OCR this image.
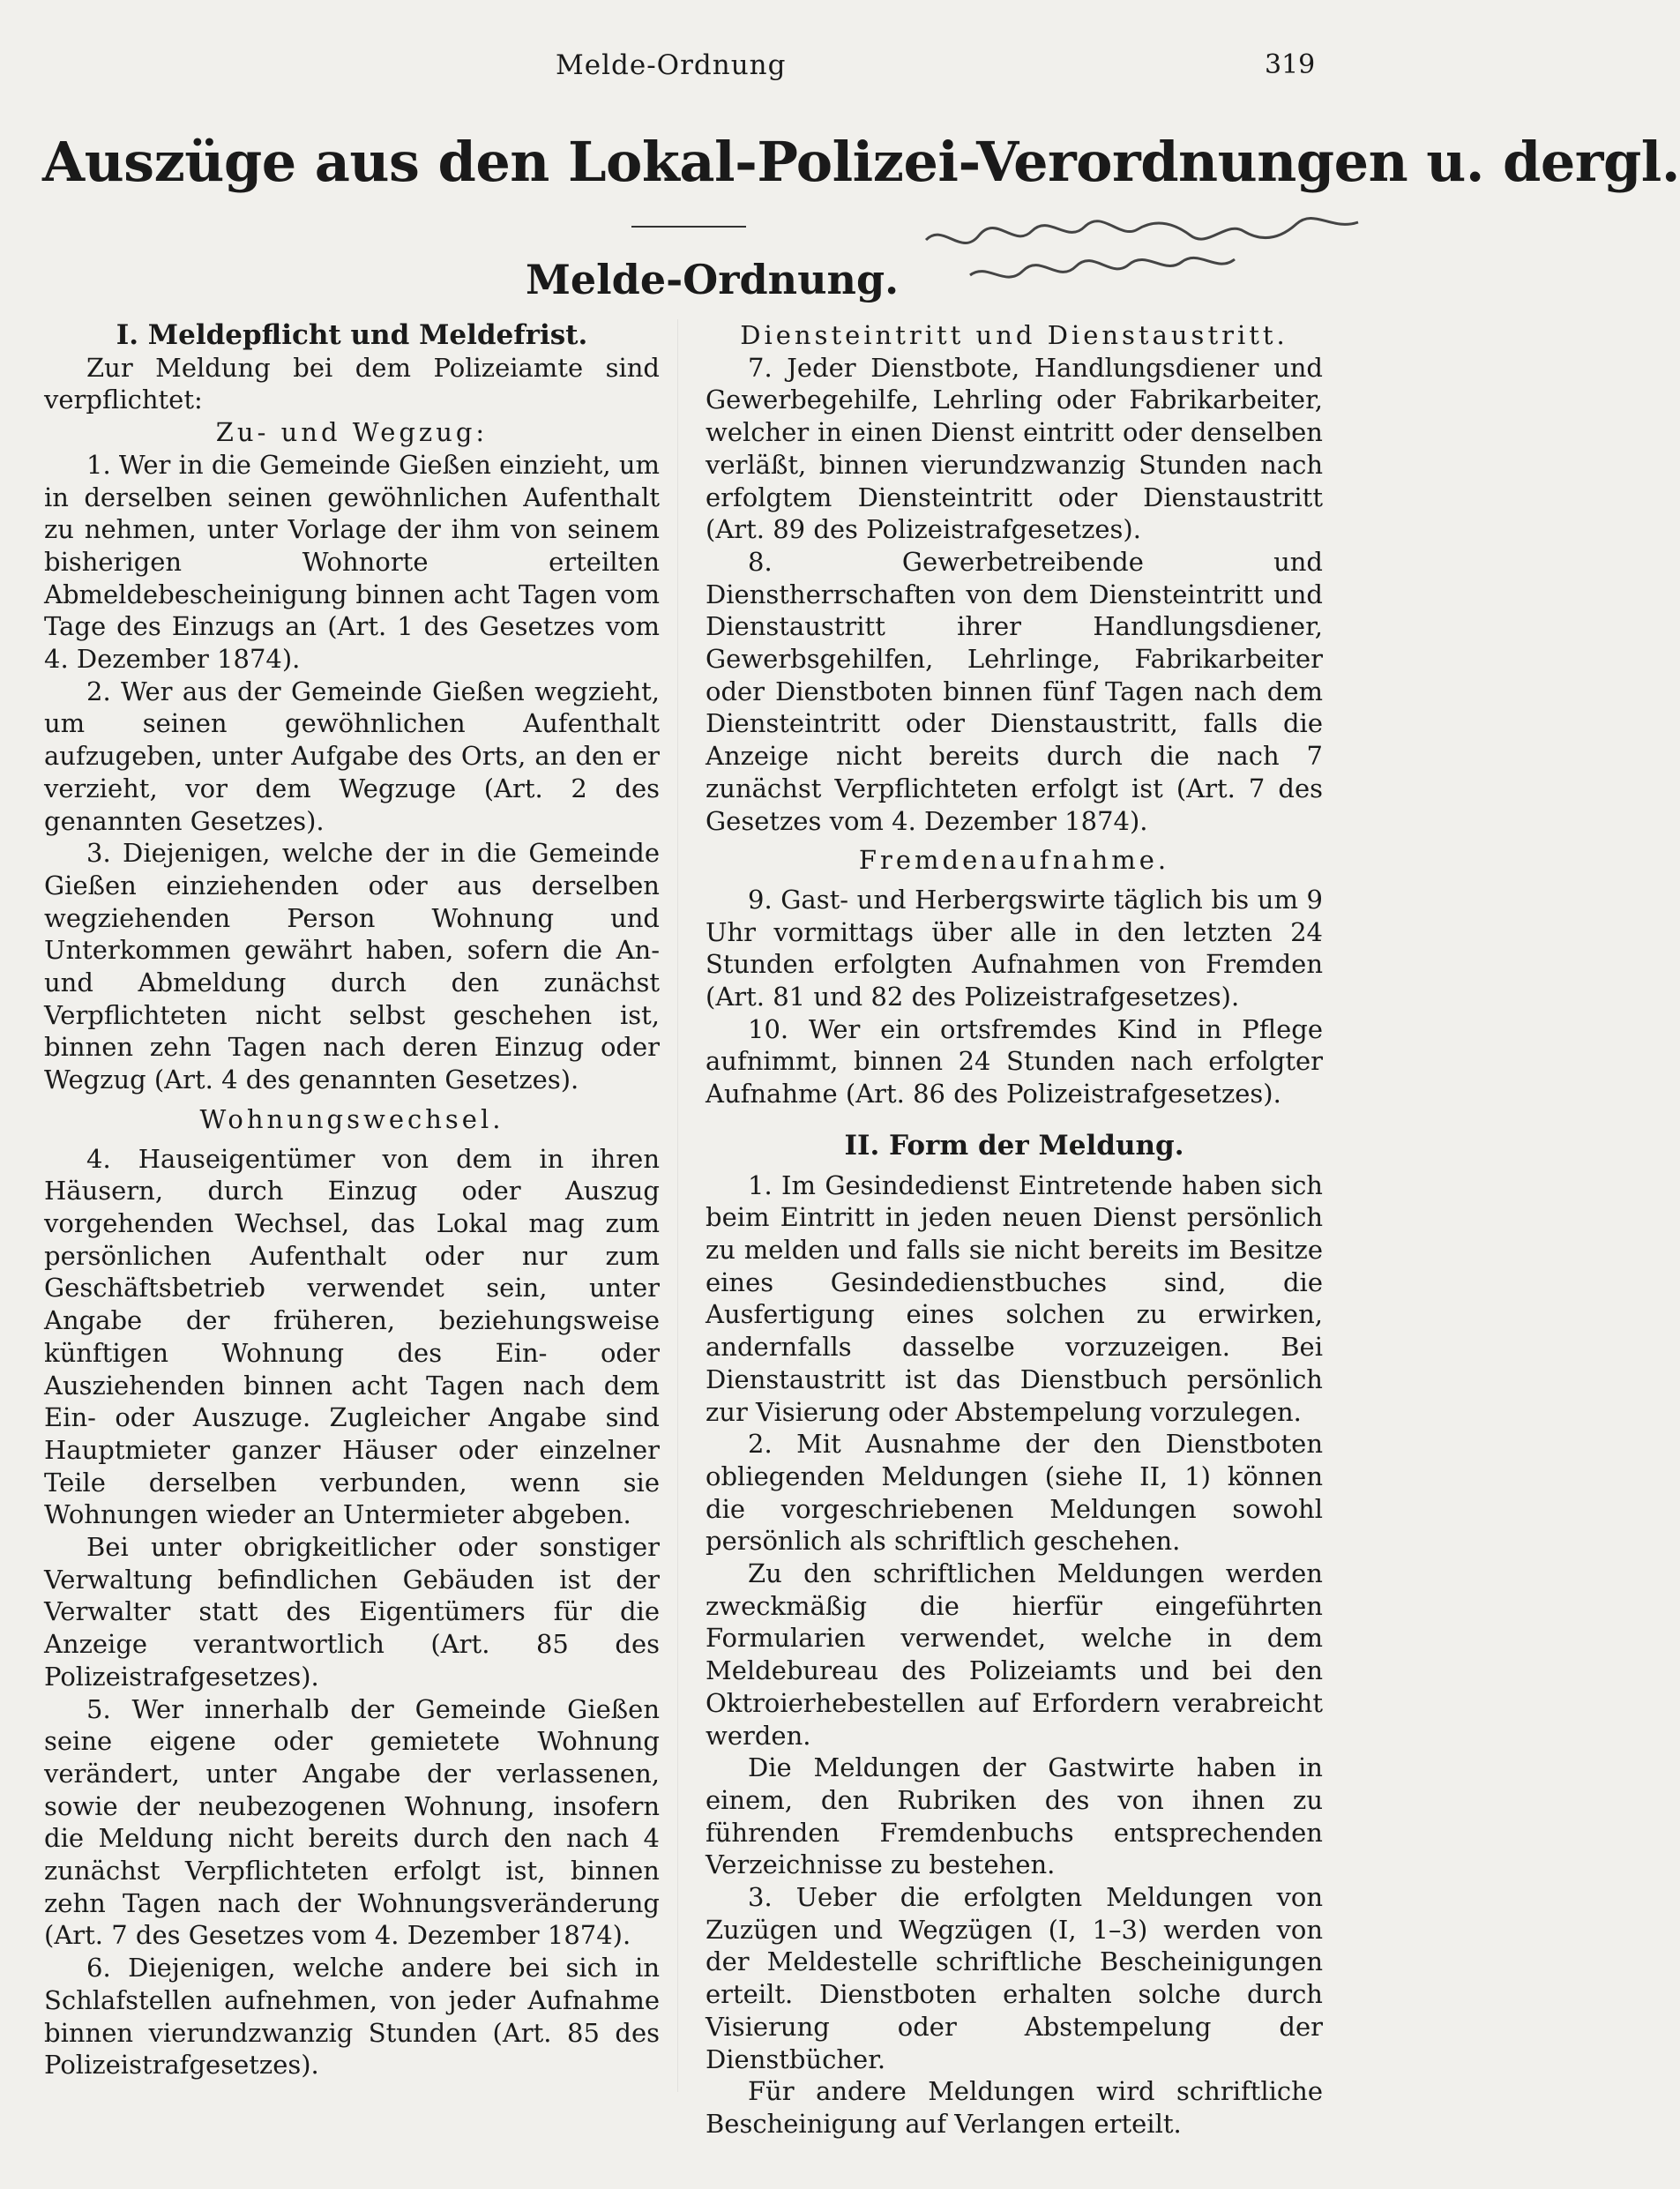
Melde-Ordnung	319
Auszüge aus den Lokal-Polizei-Verordnungen u. dergl.
Melde-Ordnung.

I. Meldepflicht und Meldefrist.

Zur Meldung bei dem Polizeiamte sind verpflichtet:

Zu- und Wegzug:

1. Wer in die Gemeinde Gießen einzieht, um in derselben seinen gewöhnlichen Aufenthalt zu nehmen, unter Vorlage der ihm von seinem bisherigen Wohnorte erteilten Abmeldebescheinigung binnen acht Tagen vom Tage des Einzugs an (Art. 1 des Gesetzes vom 4. Dezember 1874).

2. Wer aus der Gemeinde Gießen wegzieht, um seinen gewöhnlichen Aufenthalt aufzugeben, unter Aufgabe des Orts, an den er verzieht, vor dem Wegzuge (Art. 2 des genannten Gesetzes).

3. Diejenigen, welche der in die Gemeinde Gießen einziehenden oder aus derselben wegziehenden Person Wohnung und Unterkommen gewährt haben, sofern die An- und Abmeldung durch den zunächst Verpflichteten nicht selbst geschehen ist, binnen zehn Tagen nach deren Einzug oder Wegzug (Art. 4 des genannten Gesetzes).

Wohnungswechsel.

4. Hauseigentümer von dem in ihren Häusern, durch Einzug oder Auszug vorgehenden Wechsel, das Lokal mag zum persönlichen Aufenthalt oder nur zum Geschäftsbetrieb verwendet sein, unter Angabe der früheren, beziehungsweise künftigen Wohnung des Ein- oder Ausziehenden binnen acht Tagen nach dem Ein- oder Auszuge. Zugleicher Angabe sind Hauptmieter ganzer Häuser oder einzelner Teile derselben verbunden, wenn sie Wohnungen wieder an Untermieter abgeben.

Bei unter obrigkeitlicher oder sonstiger Verwaltung befindlichen Gebäuden ist der Verwalter statt des Eigentümers für die Anzeige verantwortlich (Art. 85 des Polizeistrafgesetzes).

5. Wer innerhalb der Gemeinde Gießen seine eigene oder gemietete Wohnung verändert, unter Angabe der verlassenen, sowie der neubezogenen Wohnung, insofern die Meldung nicht bereits durch den nach 4 zunächst Verpflichteten erfolgt ist, binnen zehn Tagen nach der Wohnungsveränderung (Art. 7 des Gesetzes vom 4. Dezember 1874).

6. Diejenigen, welche andere bei sich in Schlafstellen aufnehmen, von jeder Aufnahme binnen vierundzwanzig Stunden (Art. 85 des Polizeistrafgesetzes).

Diensteintritt und Dienstaustritt.

7. Jeder Dienstbote, Handlungsdiener und Gewerbegehilfe, Lehrling oder Fabrikarbeiter, welcher in einen Dienst eintritt oder denselben verläßt, binnen vierundzwanzig Stunden nach erfolgtem Diensteintritt oder Dienstaustritt (Art. 89 des Polizeistrafgesetzes).

8. Gewerbetreibende und Dienstherrschaften von dem Diensteintritt und Dienstaustritt ihrer Handlungsdiener, Gewerbsgehilfen, Lehrlinge, Fabrikarbeiter oder Dienstboten binnen fünf Tagen nach dem Diensteintritt oder Dienstaustritt, falls die Anzeige nicht bereits durch die nach 7 zunächst Verpflichteten erfolgt ist (Art. 7 des Gesetzes vom 4. Dezember 1874).

Fremdenaufnahme.

9. Gast- und Herbergswirte täglich bis um 9 Uhr vormittags über alle in den letzten 24 Stunden erfolgten Aufnahmen von Fremden (Art. 81 und 82 des Polizeistrafgesetzes).

10. Wer ein ortsfremdes Kind in Pflege aufnimmt, binnen 24 Stunden nach erfolgter Aufnahme (Art. 86 des Polizeistrafgesetzes).

II. Form der Meldung.

1. Im Gesindedienst Eintretende haben sich beim Eintritt in jeden neuen Dienst persönlich zu melden und falls sie nicht bereits im Besitze eines Gesindedienstbuches sind, die Ausfertigung eines solchen zu erwirken, andernfalls dasselbe vorzuzeigen. Bei Dienstaustritt ist das Dienstbuch persönlich zur Visierung oder Abstempelung vorzulegen.

2. Mit Ausnahme der den Dienstboten obliegenden Meldungen (siehe II, 1) können die vorgeschriebenen Meldungen sowohl persönlich als schriftlich geschehen.

Zu den schriftlichen Meldungen werden zweckmäßig die hierfür eingeführten Formularien verwendet, welche in dem Meldebureau des Polizeiamts und bei den Oktroierhebestellen auf Erfordern verabreicht werden.

Die Meldungen der Gastwirte haben in einem, den Rubriken des von ihnen zu führenden Fremdenbuchs entsprechenden Verzeichnisse zu bestehen.

3. Ueber die erfolgten Meldungen von Zuzügen und Wegzügen (I, 1–3) werden von der Meldestelle schriftliche Bescheinigungen erteilt. Dienstboten erhalten solche durch Visierung oder Abstempelung der Dienstbücher.

Für andere Meldungen wird schriftliche Bescheinigung auf Verlangen erteilt.
